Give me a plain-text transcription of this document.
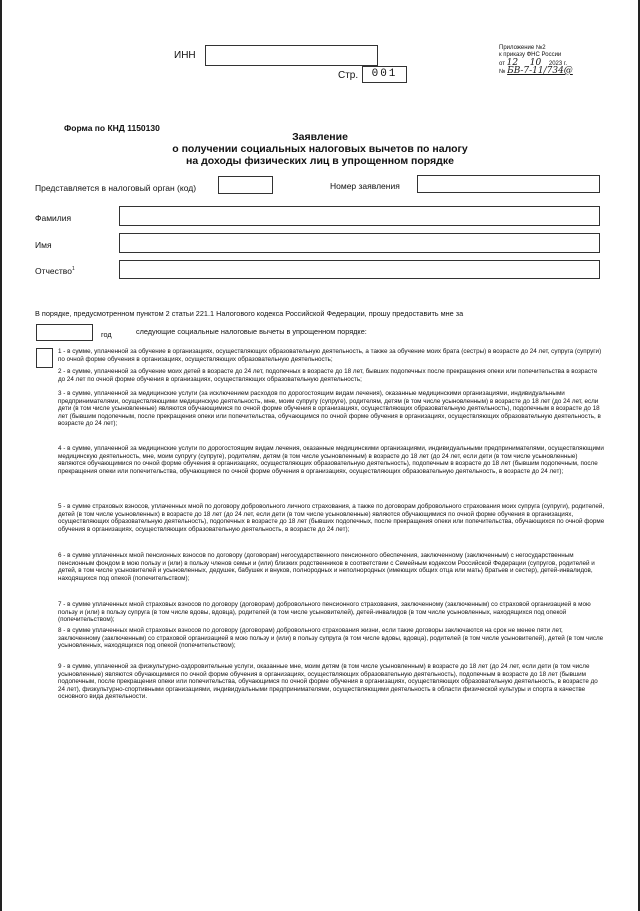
ИНН
Стр.	001
Приложение №2
к приказу ФНС России
от 12 10 2023 г.
№ БВ-7-11/734@
Форма по КНД 1150130
Заявление
о получении социальных налоговых вычетов по налогу
на доходы физических лиц в упрощенном порядке
Представляется в налоговый орган (код)	Номер заявления
Фамилия
Имя
Отчество$^1$
В порядке, предусмотренном пунктом 2 статьи 221.1 Налогового кодекса Российской Федерации, прошу предоставить мне за
год	следующие социальные налоговые вычеты в упрощенном порядке:
1 - в сумме, уплаченной за обучение в организациях, осуществляющих образовательную деятельность, а также за обучение моих брата (сестры) в возрасте до 24 лет, супруга (супруги) по очной форме обучения в организациях, осуществляющих образовательную деятельность;
2 - в сумме, уплаченной за обучение моих детей в возрасте до 24 лет, подопечных в возрасте до 18 лет, бывших подопечных после прекращения опеки или попечительства в возрасте до 24 лет по очной форме обучения в организациях, осуществляющих образовательную деятельность;
3 - в сумме, уплаченной за медицинские услуги (за исключением расходов по дорогостоящим видам лечения), оказанные медицинскими организациями, индивидуальными предпринимателями, осуществляющими медицинскую деятельность, мне, моим супругу (супруге), родителям, детям (в том числе усыновленным) в возрасте до 18 лет (до 24 лет, если дети (в том числе усыновленные) являются обучающимися по очной форме обучения в организациях, осуществляющих образовательную деятельность), подопечным в возрасте до 18 лет (бывшим подопечным, после прекращения опеки или попечительства, обучающимся по очной форме обучения в организациях, осуществляющих образовательную деятельность, в возрасте до 24 лет);
4 - в сумме, уплаченной за медицинские услуги по дорогостоящим видам лечения, оказанные медицинскими организациями, индивидуальными предпринимателями, осуществляющими медицинскую деятельность, мне, моим супругу (супруге), родителям, детям (в том числе усыновленным) в возрасте до 18 лет (до 24 лет, если дети (в том числе усыновленные) являются обучающимися по очной форме обучения в организациях, осуществляющих образовательную деятельность), подопечным в возрасте до 18 лет (бывшим подопечным, после прекращения опеки или попечительства, обучающимся по очной форме обучения в организациях, осуществляющих образовательную деятельность, в возрасте до 24 лет);
5 - в сумме страховых взносов, уплаченных мной по договору добровольного личного страхования, а также по договорам добровольного страхования моих супруга (супруги), родителей, детей (в том числе усыновленных) в возрасте до 18 лет (до 24 лет, если дети (в том числе усыновленные) являются обучающимися по очной форме обучения в организациях, осуществляющих образовательную деятельность), подопечных в возрасте до 18 лет (бывших подопечных, после прекращения опеки или попечительства, обучающихся по очной форме обучения в организациях, осуществляющих образовательную деятельность, в возрасте до 24 лет);
6 - в сумме уплаченных мной пенсионных взносов по договору (договорам) негосударственного пенсионного обеспечения, заключенному (заключенным) с негосударственным пенсионным фондом в мою пользу и (или) в пользу членов семьи и (или) близких родственников в соответствии с Семейным кодексом Российской Федерации (супругов, родителей и детей, в том числе усыновителей и усыновленных, дедушек, бабушек и внуков, полнородных и неполнородных (имеющих общих отца или мать) братьев и сестер), детей-инвалидов, находящихся под опекой (попечительством);
7 - в сумме уплаченных мной страховых взносов по договору (договорам) добровольного пенсионного страхования, заключенному (заключенным) со страховой организацией в мою пользу и (или) в пользу супруга (в том числе вдовы, вдовца), родителей (в том числе усыновителей), детей-инвалидов (в том числе усыновленных, находящихся под опекой (попечительством);
8 - в сумме уплаченных мной страховых взносов по договору (договорам) добровольного страхования жизни, если такие договоры заключаются на срок не менее пяти лет, заключенному (заключенным) со страховой организацией в мою пользу и (или) в пользу супруга (в том числе вдовы, вдовца), родителей (в том числе усыновителей), детей (в том числе усыновленных, находящихся под опекой (попечительством);
9 - в сумме, уплаченной за физкультурно-оздоровительные услуги, оказанные мне, моим детям (в том числе усыновленным) в возрасте до 18 лет (до 24 лет, если дети (в том числе усыновленные) являются обучающимися по очной форме обучения в организациях, осуществляющих образовательную деятельность), подопечным в возрасте до 18 лет (бывшим подопечным, после прекращения опеки или попечительства, обучающимся по очной форме обучения в организациях, осуществляющих образовательную деятельность, в возрасте до 24 лет), физкультурно-спортивными организациями, индивидуальными предпринимателями, осуществляющими деятельность в области физической культуры и спорта в качестве основного вида деятельности.
